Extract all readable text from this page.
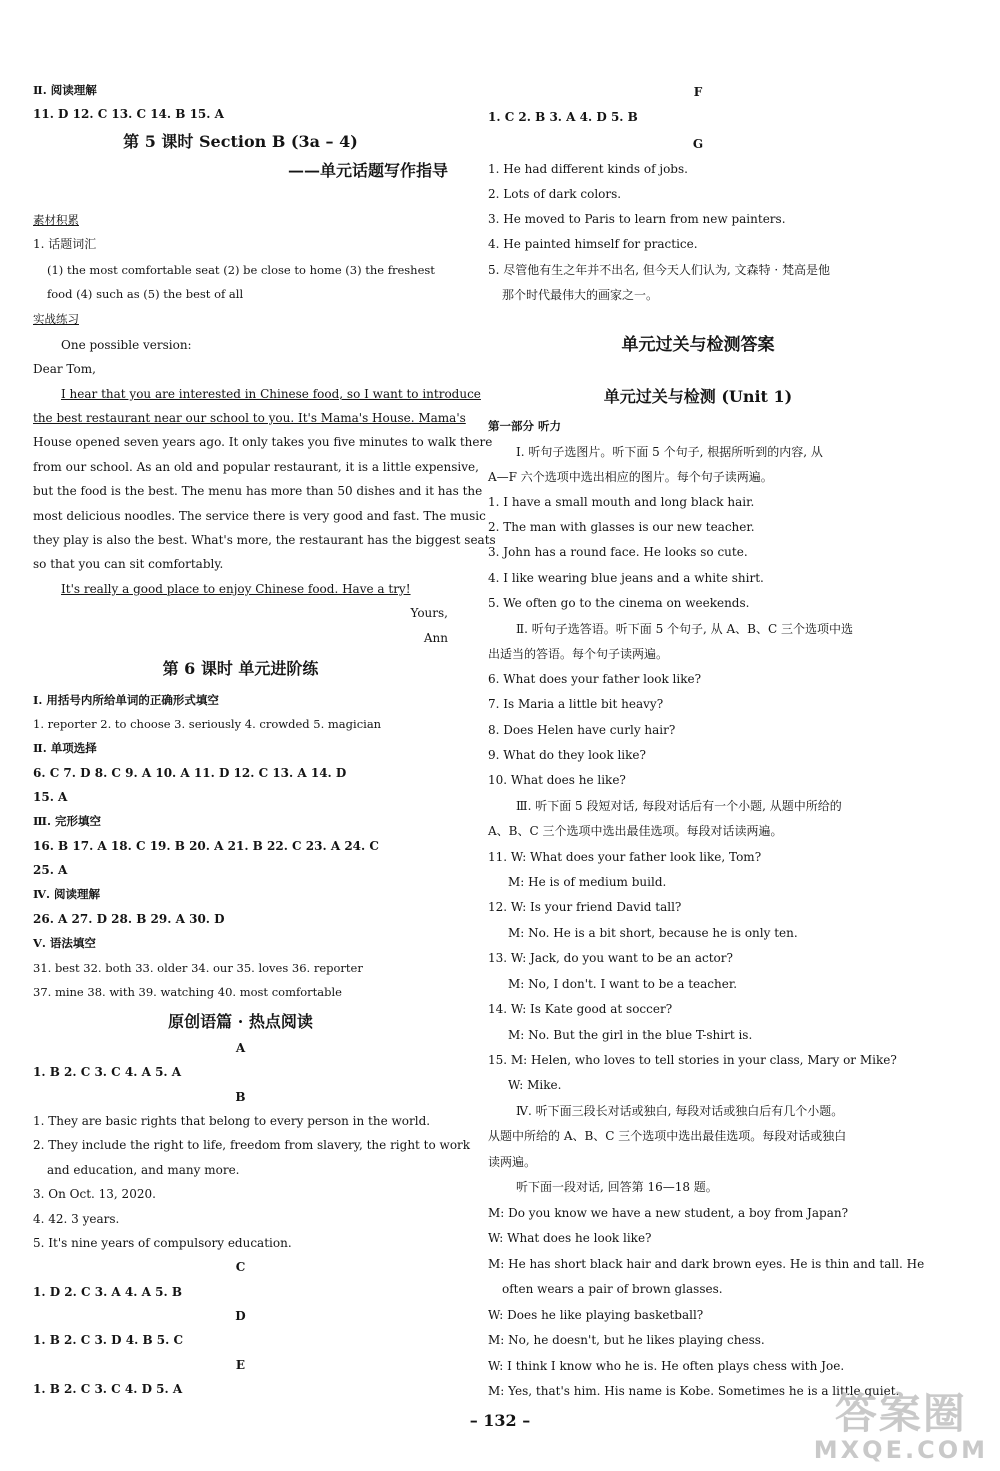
Ⅱ. 阅读理解
11. D 12. C 13. C 14. B 15. A
第 5 课时 Section B (3a – 4)
——单元话题写作指导
素材积累
1. 话题词汇
(1) the most comfortable seat (2) be close to home (3) the freshest
food (4) such as (5) the best of all
实战练习
One possible version:
Dear Tom,
I hear that you are interested in Chinese food, so I want to introduce
the best restaurant near our school to you. It's Mama's House. Mama's
House opened seven years ago. It only takes you five minutes to walk there
from our school. As an old and popular restaurant, it is a little expensive,
but the food is the best. The menu has more than 50 dishes and it has the
most delicious noodles. The service there is very good and fast. The music
they play is also the best. What's more, the restaurant has the biggest seats
so that you can sit comfortably.
It's really a good place to enjoy Chinese food. Have a try!
Yours,
Ann
第 6 课时 单元进阶练
Ⅰ. 用括号内所给单词的正确形式填空
1. reporter 2. to choose 3. seriously 4. crowded 5. magician
Ⅱ. 单项选择
6. C 7. D 8. C 9. A 10. A 11. D 12. C 13. A 14. D
15. A
Ⅲ. 完形填空
16. B 17. A 18. C 19. B 20. A 21. B 22. C 23. A 24. C
25. A
Ⅳ. 阅读理解
26. A 27. D 28. B 29. A 30. D
Ⅴ. 语法填空
31. best 32. both 33. older 34. our 35. loves 36. reporter
37. mine 38. with 39. watching 40. most comfortable
原创语篇 · 热点阅读
A
1. B 2. C 3. C 4. A 5. A
B
1. They are basic rights that belong to every person in the world.
2. They include the right to life, freedom from slavery, the right to work
and education, and many more.
3. On Oct. 13, 2020.
4. 42. 3 years.
5. It's nine years of compulsory education.
C
1. D 2. C 3. A 4. A 5. B
D
1. B 2. C 3. D 4. B 5. C
E
1. B 2. C 3. C 4. D 5. A
F
1. C 2. B 3. A 4. D 5. B
G
1. He had different kinds of jobs.
2. Lots of dark colors.
3. He moved to Paris to learn from new painters.
4. He painted himself for practice.
5. 尽管他有生之年并不出名, 但今天人们认为, 文森特 · 梵高是他
那个时代最伟大的画家之一。
单元过关与检测答案
单元过关与检测 (Unit 1)
第一部分 听力
Ⅰ. 听句子选图片。听下面 5 个句子, 根据所听到的内容, 从
A—F 六个选项中选出相应的图片。每个句子读两遍。
1. I have a small mouth and long black hair.
2. The man with glasses is our new teacher.
3. John has a round face. He looks so cute.
4. I like wearing blue jeans and a white shirt.
5. We often go to the cinema on weekends.
Ⅱ. 听句子选答语。听下面 5 个句子, 从 A、B、C 三个选项中选
出适当的答语。每个句子读两遍。
6. What does your father look like?
7. Is Maria a little bit heavy?
8. Does Helen have curly hair?
9. What do they look like?
10. What does he like?
Ⅲ. 听下面 5 段短对话, 每段对话后有一个小题, 从题中所给的
A、B、C 三个选项中选出最佳选项。每段对话读两遍。
11. W: What does your father look like, Tom?
M: He is of medium build.
12. W: Is your friend David tall?
M: No. He is a bit short, because he is only ten.
13. W: Jack, do you want to be an actor?
M: No, I don't. I want to be a teacher.
14. W: Is Kate good at soccer?
M: No. But the girl in the blue T-shirt is.
15. M: Helen, who loves to tell stories in your class, Mary or Mike?
W: Mike.
Ⅳ. 听下面三段长对话或独白, 每段对话或独白后有几个小题。
从题中所给的 A、B、C 三个选项中选出最佳选项。每段对话或独白
读两遍。
听下面一段对话, 回答第 16—18 题。
M: Do you know we have a new student, a boy from Japan?
W: What does he look like?
M: He has short black hair and dark brown eyes. He is thin and tall. He
often wears a pair of brown glasses.
W: Does he like playing basketball?
M: No, he doesn't, but he likes playing chess.
W: I think I know who he is. He often plays chess with Joe.
M: Yes, that's him. His name is Kobe. Sometimes he is a little quiet.
– 132 –	答案圈
MXQE.COM
